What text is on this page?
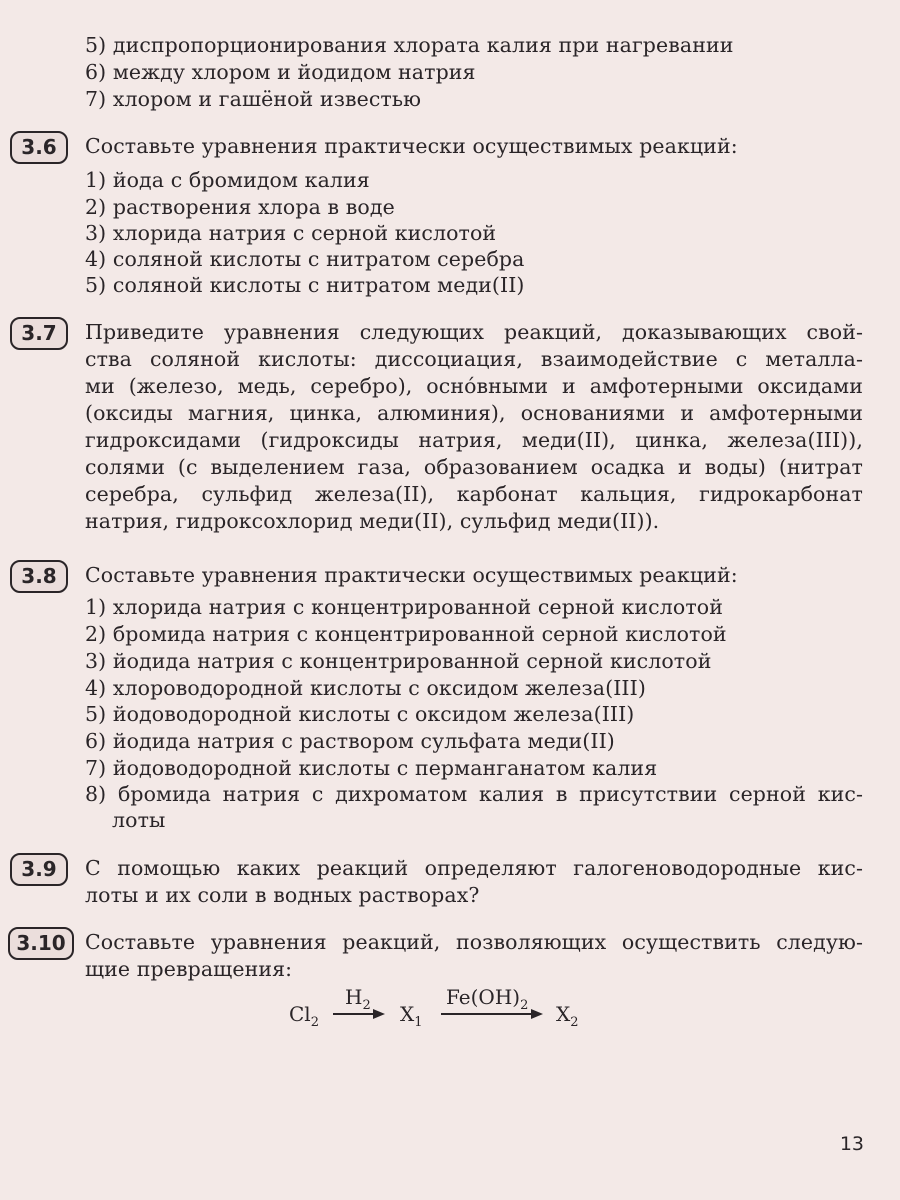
5) диспропорционирования хлората калия при нагревании
6) между хлором и йодидом натрия
7) хлором и гашёной известью
3.6	Составьте уравнения практически осуществимых реакций:
1) йода с бромидом калия
2) растворения хлора в воде
3) хлорида натрия с серной кислотой
4) соляной кислоты с нитратом серебра
5) соляной кислоты с нитратом меди(II)
3.7	Приведите уравнения следующих реакций, доказывающих свой-
ства соляной кислоты: диссоциация, взаимодействие с металла-
ми (железо, медь, серебро), осно́вными и амфотерными оксидами
(оксиды магния, цинка, алюминия), основаниями и амфотерными
гидроксидами (гидроксиды натрия, меди(II), цинка, железа(III)),
солями (с выделением газа, образованием осадка и воды) (нитрат
серебра, сульфид железа(II), карбонат кальция, гидрокарбонат
натрия, гидроксохлорид меди(II), сульфид меди(II)).
3.8	Составьте уравнения практически осуществимых реакций:
1) хлорида натрия с концентрированной серной кислотой
2) бромида натрия с концентрированной серной кислотой
3) йодида натрия с концентрированной серной кислотой
4) хлороводородной кислоты с оксидом железа(III)
5) йодоводородной кислоты с оксидом железа(III)
6) йодида натрия с раствором сульфата меди(II)
7) йодоводородной кислоты с перманганатом калия
8) бромида натрия с дихроматом калия в присутствии серной кис-
лоты
3.9	С помощью каких реакций определяют галогеноводородные кис-
лоты и их соли в водных растворах?
3.10 Составьте уравнения реакций, позволяющих осуществить следую-
щие превращения:
$Cl_2$
$H_2$ $X_1$
$Fe(OH)_2$ $X_2$
13
